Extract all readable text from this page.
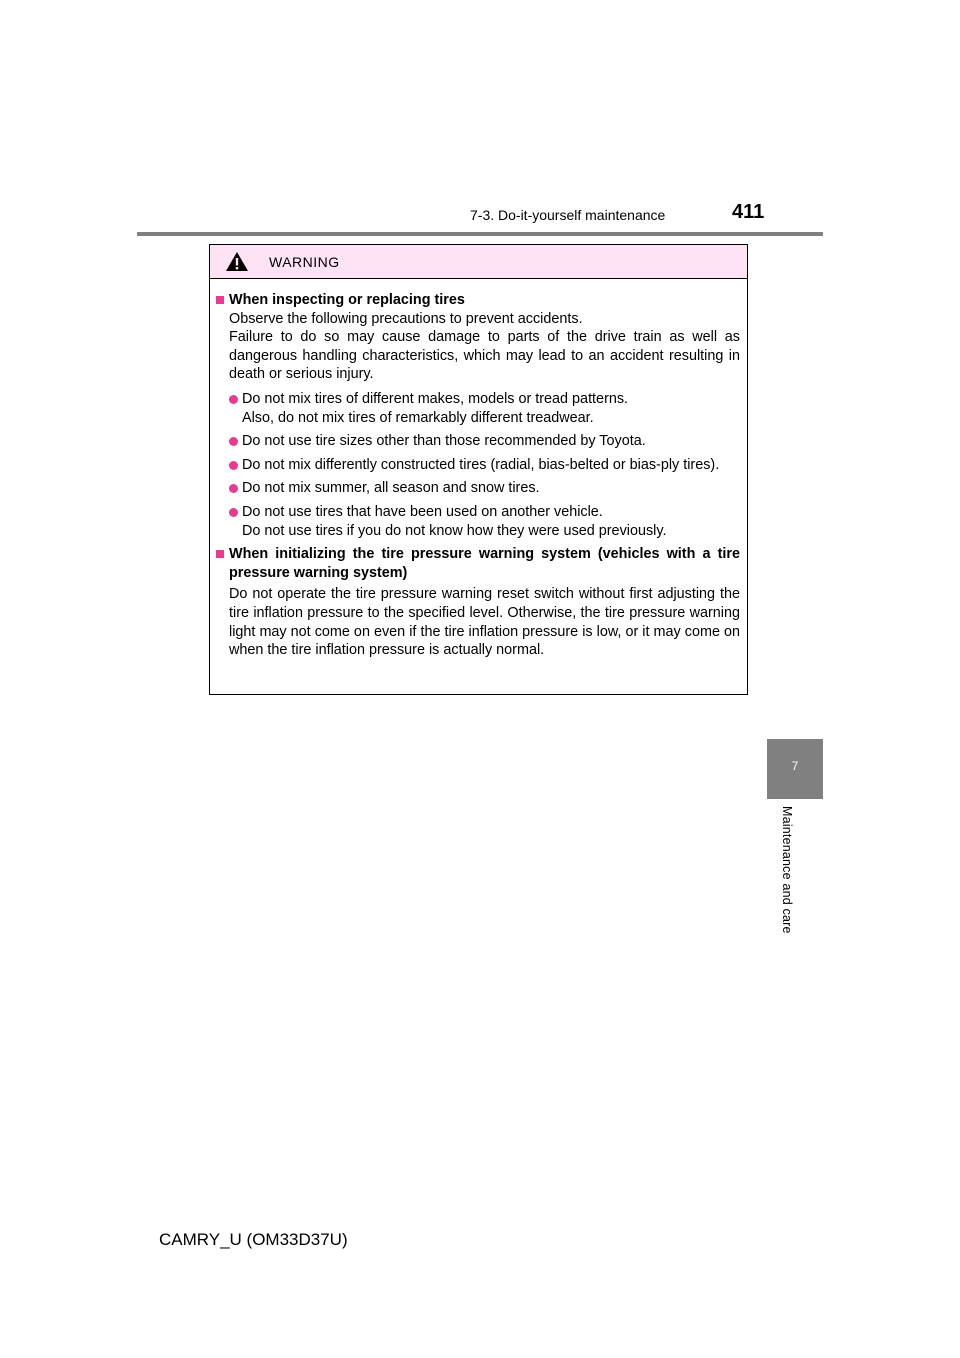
7-3. Do-it-yourself maintenance	411
7
Maintenance and care
WARNING
When inspecting or replacing tires
Observe the following precautions to prevent accidents.
Failure to do so may cause damage to parts of the drive train as well as dangerous handling characteristics, which may lead to an accident resulting in death or serious injury.
Do not mix tires of different makes, models or tread patterns.
Also, do not mix tires of remarkably different treadwear.
Do not use tire sizes other than those recommended by Toyota.
Do not mix differently constructed tires (radial, bias-belted or bias-ply tires).
Do not mix summer, all season and snow tires.
Do not use tires that have been used on another vehicle.
Do not use tires if you do not know how they were used previously.
When initializing the tire pressure warning system (vehicles with a tire pressure warning system)
Do not operate the tire pressure warning reset switch without first adjusting the tire inflation pressure to the specified level. Otherwise, the tire pressure warning light may not come on even if the tire inflation pressure is low, or it may come on when the tire inflation pressure is actually normal.
CAMRY_U (OM33D37U)
